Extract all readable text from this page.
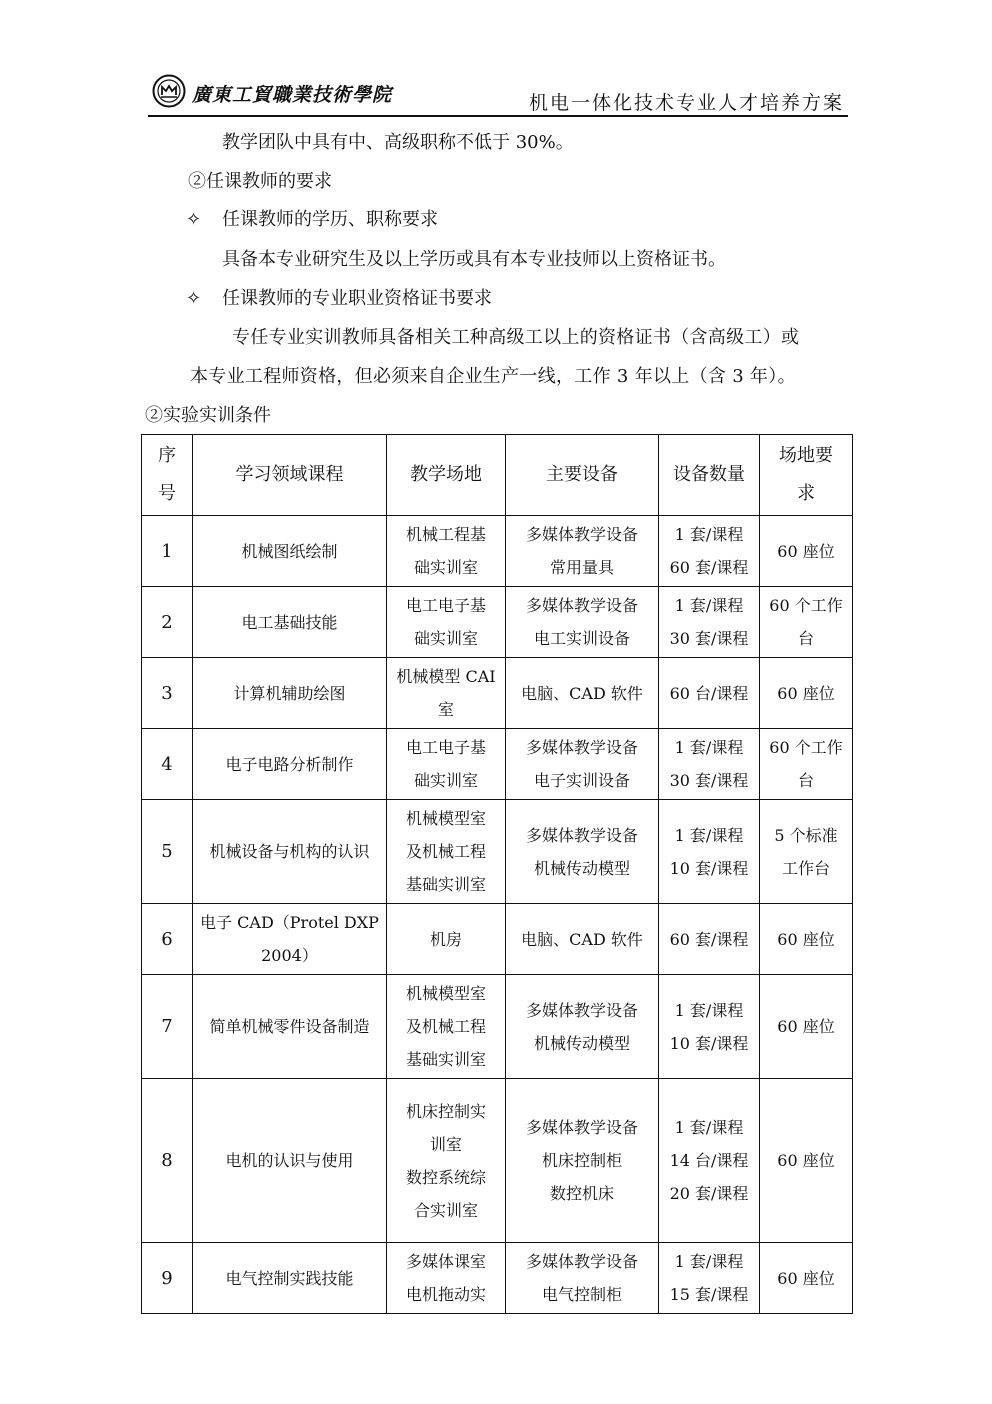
廣東工貿職業技術學院	机电一体化技术专业人才培养方案
教学团队中具有中、高级职称不低于 30%。
②任课教师的要求
✧ 任课教师的学历、职称要求
具备本专业研究生及以上学历或具有本专业技师以上资格证书。
✧ 任课教师的专业职业资格证书要求
专任专业实训教师具备相关工种高级工以上的资格证书（含高级工）或
本专业工程师资格，但必须来自企业生产一线，工作 3 年以上（含 3 年）。
②实验实训条件
序
号	学习领域课程	教学场地	主要设备	设备数量	场地要
求

1	机械图纸绘制	机械工程基
础实训室	多媒体教学设备
常用量具	1 套/课程
60 套/课程	60 座位

2	电工基础技能	电工电子基
础实训室	多媒体教学设备
电工实训设备	1 套/课程
30 套/课程	60 个工作
台

3	计算机辅助绘图	机械模型 CAI
室	电脑、CAD 软件	60 台/课程	60 座位

4	电子电路分析制作	电工电子基
础实训室	多媒体教学设备
电子实训设备	1 套/课程
30 套/课程	60 个工作
台

5	机械设备与机构的认识	机械模型室
及机械工程
基础实训室	多媒体教学设备
机械传动模型	1 套/课程
10 套/课程	5 个标准
工作台

6	电子 CAD（Protel DXP
2004）	机房	电脑、CAD 软件	60 套/课程	60 座位

7	简单机械零件设备制造	机械模型室
及机械工程
基础实训室	多媒体教学设备
机械传动模型	1 套/课程
10 套/课程	60 座位

8	电机的认识与使用	机床控制实
训室
数控系统综
合实训室	多媒体教学设备
机床控制柜
数控机床	1 套/课程
14 台/课程
20 套/课程	60 座位

9	电气控制实践技能	多媒体课室
电机拖动实	多媒体教学设备
电气控制柜	1 套/课程
15 套/课程	60 座位
